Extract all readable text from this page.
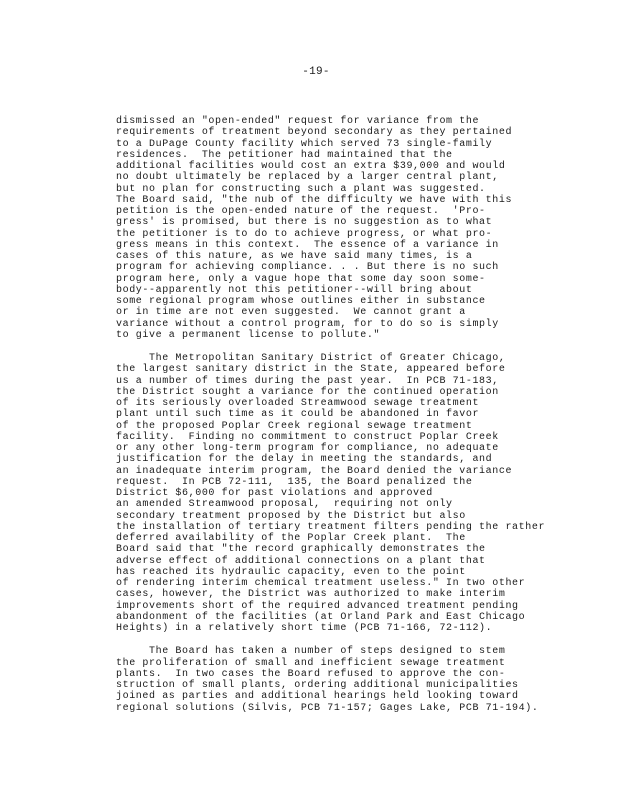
-19-
dismissed an "open-ended" request for variance from the
requirements of treatment beyond secondary as they pertained
to a DuPage County facility which served 73 single-family
residences.  The petitioner had maintained that the
additional facilities would cost an extra $39,000 and would
no doubt ultimately be replaced by a larger central plant,
but no plan for constructing such a plant was suggested.
The Board said, "the nub of the difficulty we have with this
petition is the open-ended nature of the request.  'Pro-
gress' is promised, but there is no suggestion as to what
the petitioner is to do to achieve progress, or what pro-
gress means in this context.  The essence of a variance in
cases of this nature, as we have said many times, is a
program for achieving compliance. . . But there is no such
program here, only a vague hope that some day soon some-
body--apparently not this petitioner--will bring about
some regional program whose outlines either in substance
or in time are not even suggested.  We cannot grant a
variance without a control program, for to do so is simply
to give a permanent license to pollute."
The Metropolitan Sanitary District of Greater Chicago,
the largest sanitary district in the State, appeared before
us a number of times during the past year.  In PCB 71-183,
the District sought a variance for the continued operation
of its seriously overloaded Streamwood sewage treatment
plant until such time as it could be abandoned in favor
of the proposed Poplar Creek regional sewage treatment
facility.  Finding no commitment to construct Poplar Creek
or any other long-term program for compliance, no adequate
justification for the delay in meeting the standards, and
an inadequate interim program, the Board denied the variance
request.  In PCB 72-111,  135, the Board penalized the
District $6,000 for past violations and approved
an amended Streamwood proposal,  requiring not only
secondary treatment proposed by the District but also
the installation of tertiary treatment filters pending the rather
deferred availability of the Poplar Creek plant.  The
Board said that "the record graphically demonstrates the
adverse effect of additional connections on a plant that
has reached its hydraulic capacity, even to the point
of rendering interim chemical treatment useless." In two other
cases, however, the District was authorized to make interim
improvements short of the required advanced treatment pending
abandonment of the facilities (at Orland Park and East Chicago
Heights) in a relatively short time (PCB 71-166, 72-112).
The Board has taken a number of steps designed to stem
the proliferation of small and inefficient sewage treatment
plants.  In two cases the Board refused to approve the con-
struction of small plants, ordering additional municipalities
joined as parties and additional hearings held looking toward
regional solutions (Silvis, PCB 71-157; Gages Lake, PCB 71-194).
